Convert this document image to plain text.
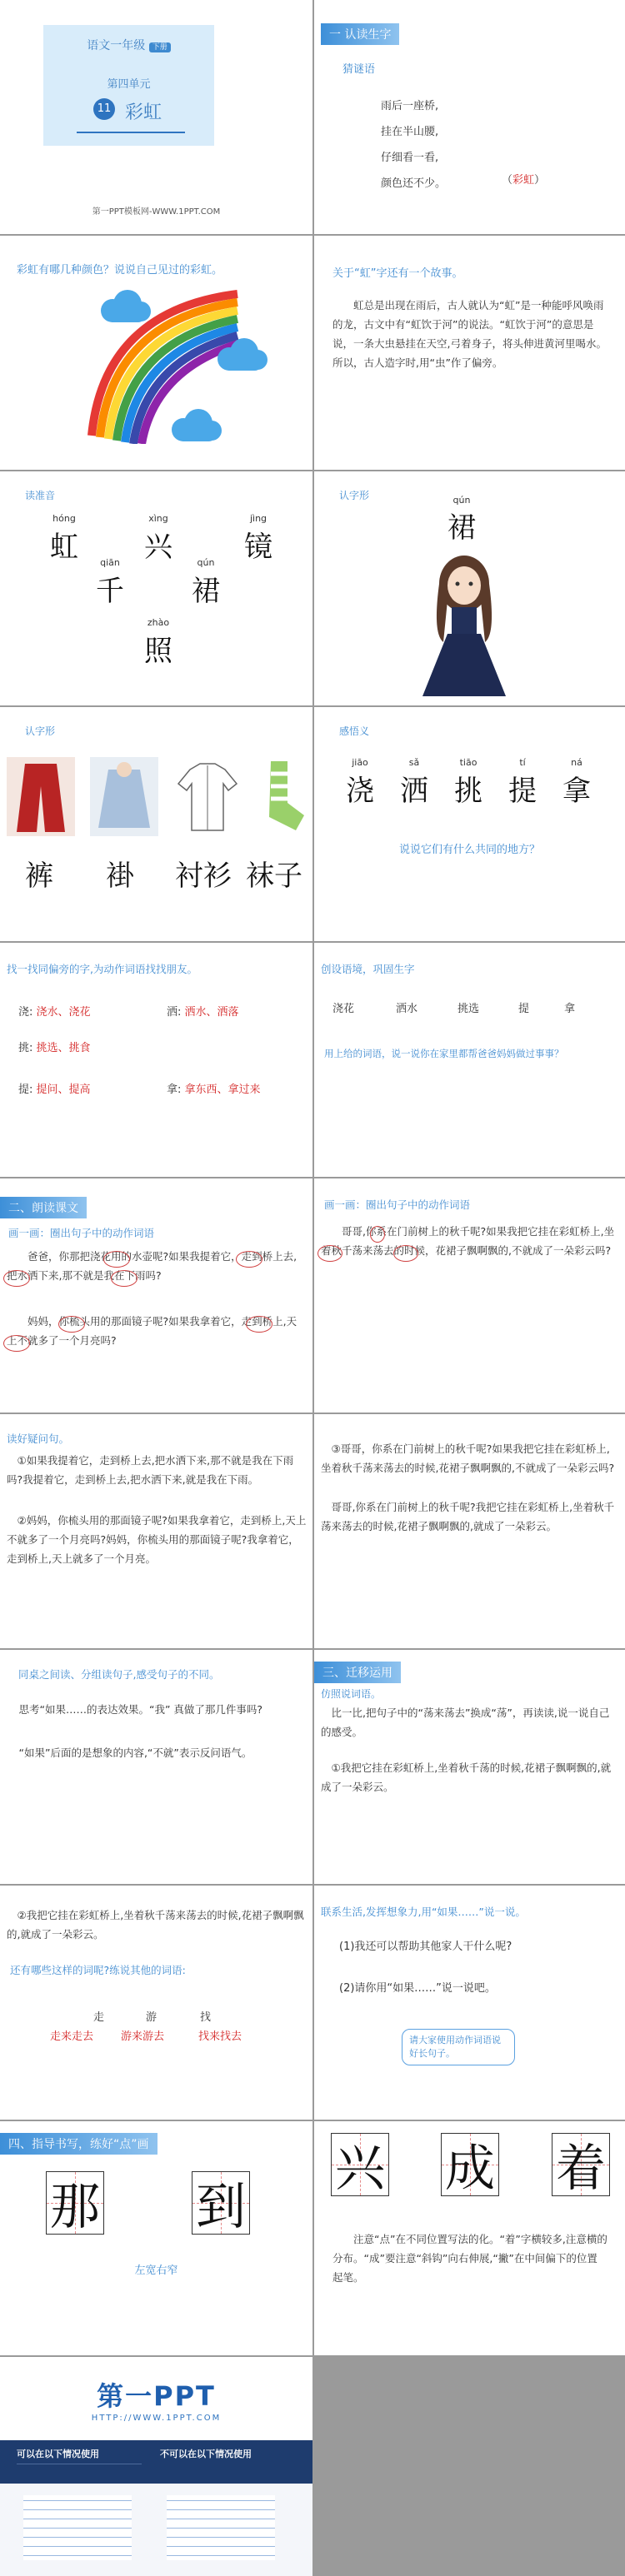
语文一年级 下册
第四单元
11 彩虹
第一PPT模板网-WWW.1PPT.COM
一 认读生字
猜谜语
雨后一座桥,
挂在半山腰,
仔细看一看,
颜色还不少。	（彩虹）
彩虹有哪几种颜色？说说自己见过的彩虹。	关于“虹”字还有一个故事。
虹总是出现在雨后，古人就认为“虹”是一种能呼风唤雨的龙，古文中有“虹饮于河”的说法。“虹饮于河”的意思是说，一条大虫悬挂在天空,弓着身子，将头伸进黄河里喝水。所以，古人造字时,用“虫”作了偏旁。
读准音
hóng
虹
xìng
兴
jìng
镜
qiān
千
qún
裙
zhào
照
认字形	qún
裙
认字形
裤 褂 衬衫 袜子
感悟义
jiāo
浇
sǎ
洒
tiāo
挑
tí
提
ná
拿
说说它们有什么共同的地方？
找一找同偏旁的字,为动作词语找找朋友。
浇: 浇水、浇花	洒: 洒水、洒落
挑: 挑选、挑食
提: 提问、提高	拿: 拿东西、拿过来
创设语境，巩固生字
浇花	洒水	挑选	提	拿
用上给的词语，说一说你在家里都帮爸爸妈妈做过事事？
二、朗读课文
画一画：圈出句子中的动作词语
爸爸，你那把浇花用的水壶呢?如果我提着它，走到桥上去,把水洒下来,那不就是我在下雨吗?
妈妈，你梳头用的那面镜子呢?如果我拿着它，走到桥上,天上不就多了一个月亮吗?
画一画：圈出句子中的动作词语
哥哥,你系在门前树上的秋千呢?如果我把它挂在彩虹桥上,坐着秋千荡来荡去的时候，花裙子飘啊飘的,不就成了一朵彩云吗?
读好疑问句。
①如果我提着它，走到桥上去,把水洒下来,那不就是我在下雨吗?我提着它，走到桥上去,把水洒下来,就是我在下雨。
②妈妈，你梳头用的那面镜子呢?如果我拿着它，走到桥上,天上不就多了一个月亮吗?妈妈，你梳头用的那面镜子呢?我拿着它，走到桥上,天上就多了一个月亮。
③哥哥，你系在门前树上的秋千呢?如果我把它挂在彩虹桥上,坐着秋千荡来荡去的时候,花裙子飘啊飘的,不就成了一朵彩云吗?
哥哥,你系在门前树上的秋千呢?我把它挂在彩虹桥上,坐着秋千荡来荡去的时候,花裙子飘啊飘的,就成了一朵彩云。
同桌之间读、分组读句子,感受句子的不同。
思考“如果……的表达效果。“我” 真做了那几件事吗?
“如果”后面的是想象的内容,“不就”表示反问语气。
三、迁移运用
仿照说词语。
比一比,把句子中的“荡来荡去”换成“荡”，再读读,说一说自己的感受。
①我把它挂在彩虹桥上,坐着秋千荡的时候,花裙子飘啊飘的,就成了一朵彩云。
②我把它挂在彩虹桥上,坐着秋千荡来荡去的时候,花裙子飘啊飘的,就成了一朵彩云。
还有哪些这样的词呢?练说其他的词语:
走	游	找
走来走去	游来游去	找来找去
联系生活,发挥想象力,用“如果……”说一说。
(1)我还可以帮助其他家人干什么呢?
(2)请你用“如果……”说一说吧。
请大家使用动作词语说好长句子。
四、指导书写，练好“点”画
那 到
左宽右窄
兴 成 着
注意“点”在不同位置写法的化。“着”字横较多,注意横的分布。“成”要注意“斜钩”向右伸展,“撇”在中间偏下的位置起笔。
第一PPT
HTTP://WWW.1PPT.COM
可以在以下情况使用	不可以在以下情况使用
